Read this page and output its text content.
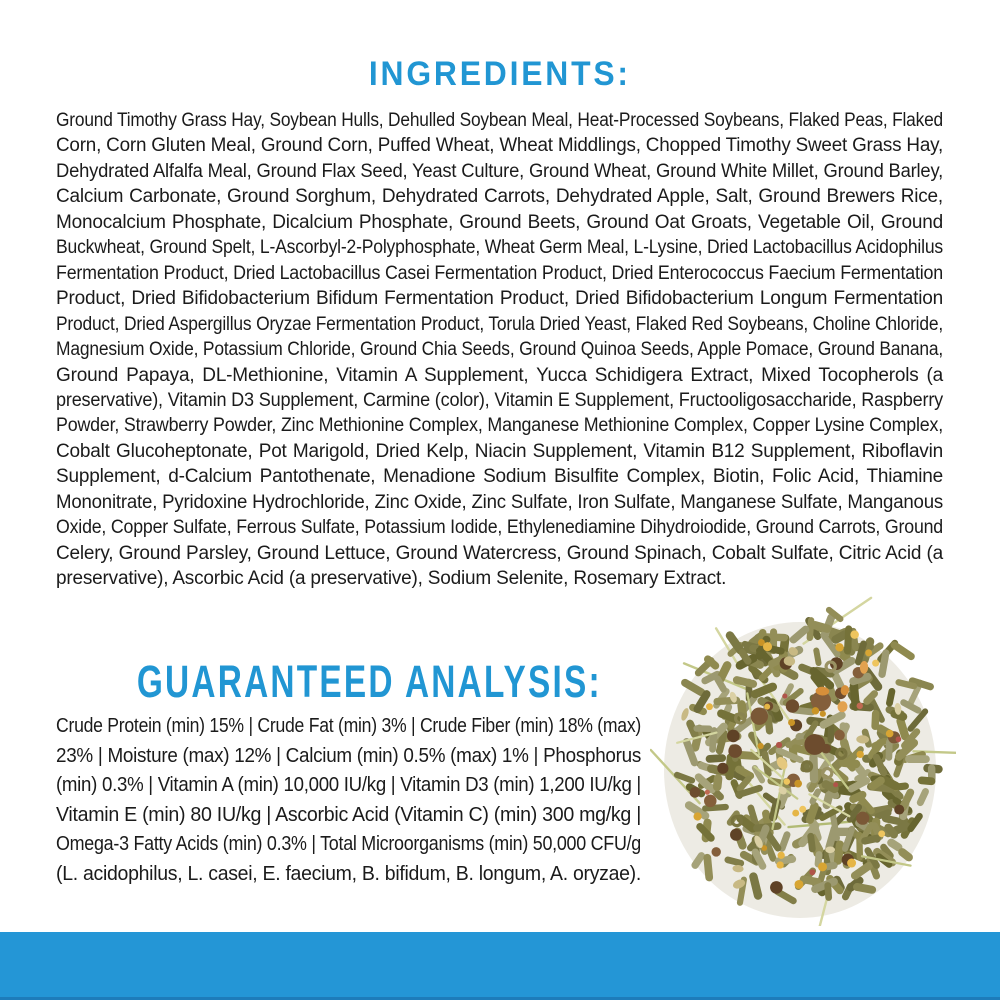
INGREDIENTS:
Ground Timothy Grass Hay, Soybean Hulls, Dehulled Soybean Meal, Heat-Processed Soybeans, Flaked Peas, Flaked
Corn, Corn Gluten Meal, Ground Corn, Puffed Wheat, Wheat Middlings, Chopped Timothy Sweet Grass Hay,
Dehydrated Alfalfa Meal, Ground Flax Seed, Yeast Culture, Ground Wheat, Ground White Millet, Ground Barley,
Calcium Carbonate, Ground Sorghum, Dehydrated Carrots, Dehydrated Apple, Salt, Ground Brewers Rice,
Monocalcium Phosphate, Dicalcium Phosphate, Ground Beets, Ground Oat Groats, Vegetable Oil, Ground
Buckwheat, Ground Spelt, L-Ascorbyl-2-Polyphosphate, Wheat Germ Meal, L-Lysine, Dried Lactobacillus Acidophilus
Fermentation Product, Dried Lactobacillus Casei Fermentation Product, Dried Enterococcus Faecium Fermentation
Product, Dried Bifidobacterium Bifidum Fermentation Product, Dried Bifidobacterium Longum Fermentation
Product, Dried Aspergillus Oryzae Fermentation Product, Torula Dried Yeast, Flaked Red Soybeans, Choline Chloride,
Magnesium Oxide, Potassium Chloride, Ground Chia Seeds, Ground Quinoa Seeds, Apple Pomace, Ground Banana,
Ground Papaya, DL-Methionine, Vitamin A Supplement, Yucca Schidigera Extract, Mixed Tocopherols (a
preservative), Vitamin D3 Supplement, Carmine (color), Vitamin E Supplement, Fructooligosaccharide, Raspberry
Powder, Strawberry Powder, Zinc Methionine Complex, Manganese Methionine Complex, Copper Lysine Complex,
Cobalt Glucoheptonate, Pot Marigold, Dried Kelp, Niacin Supplement, Vitamin B12 Supplement, Riboflavin
Supplement, d-Calcium Pantothenate, Menadione Sodium Bisulfite Complex, Biotin, Folic Acid, Thiamine
Mononitrate, Pyridoxine Hydrochloride, Zinc Oxide, Zinc Sulfate, Iron Sulfate, Manganese Sulfate, Manganous
Oxide, Copper Sulfate, Ferrous Sulfate, Potassium Iodide, Ethylenediamine Dihydroiodide, Ground Carrots, Ground
Celery, Ground Parsley, Ground Lettuce, Ground Watercress, Ground Spinach, Cobalt Sulfate, Citric Acid (a
preservative), Ascorbic Acid (a preservative), Sodium Selenite, Rosemary Extract.
GUARANTEED ANALYSIS:
Crude Protein (min) 15% | Crude Fat (min) 3% | Crude Fiber (min) 18% (max)
23% | Moisture (max) 12% | Calcium (min) 0.5% (max) 1% | Phosphorus
(min) 0.3% | Vitamin A (min) 10,000 IU/kg | Vitamin D3 (min) 1,200 IU/kg |
Vitamin E (min) 80 IU/kg | Ascorbic Acid (Vitamin C) (min) 300 mg/kg |
Omega-3 Fatty Acids (min) 0.3% | Total Microorganisms (min) 50,000 CFU/g
(L. acidophilus, L. casei, E. faecium, B. bifidum, B. longum, A. oryzae).
